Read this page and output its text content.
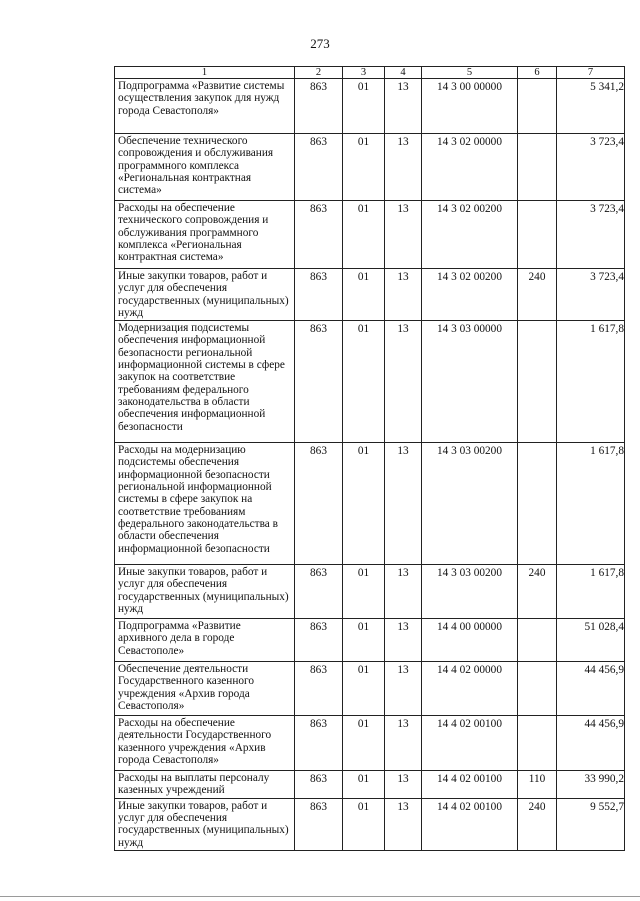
273
1	2	3	4	5	6	7
Подпрограмма «Развитие системы осуществления закупок для нужд города Севастополя»	863	01	13	14 3 00 00000		5 341,2
Обеспечение технического сопровождения и обслуживания программного комплекса «Региональная контрактная система»	863	01	13	14 3 02 00000		3 723,4
Расходы на обеспечение технического сопровождения и обслуживания программного комплекса «Региональная контрактная система»	863	01	13	14 3 02 00200		3 723,4
Иные закупки товаров, работ и услуг для обеспечения государственных (муниципальных) нужд	863	01	13	14 3 02 00200	240	3 723,4
Модернизация подсистемы обеспечения информационной безопасности региональной информационной системы в сфере закупок на соответствие требованиям федерального законодательства в области обеспечения информационной безопасности	863	01	13	14 3 03 00000		1 617,8
Расходы на модернизацию подсистемы обеспечения информационной безопасности региональной информационной системы в сфере закупок на соответствие требованиям федерального законодательства в области обеспечения информационной безопасности	863	01	13	14 3 03 00200		1 617,8
Иные закупки товаров, работ и услуг для обеспечения государственных (муниципальных) нужд	863	01	13	14 3 03 00200	240	1 617,8
Подпрограмма «Развитие архивного дела в городе Севастополе»	863	01	13	14 4 00 00000		51 028,4
Обеспечение деятельности Государственного казенного учреждения «Архив города Севастополя»	863	01	13	14 4 02 00000		44 456,9
Расходы на обеспечение деятельности Государственного казенного учреждения «Архив города Севастополя»	863	01	13	14 4 02 00100		44 456,9
Расходы на выплаты персоналу казенных учреждений	863	01	13	14 4 02 00100	110	33 990,2
Иные закупки товаров, работ и услуг для обеспечения государственных (муниципальных) нужд	863	01	13	14 4 02 00100	240	9 552,7
